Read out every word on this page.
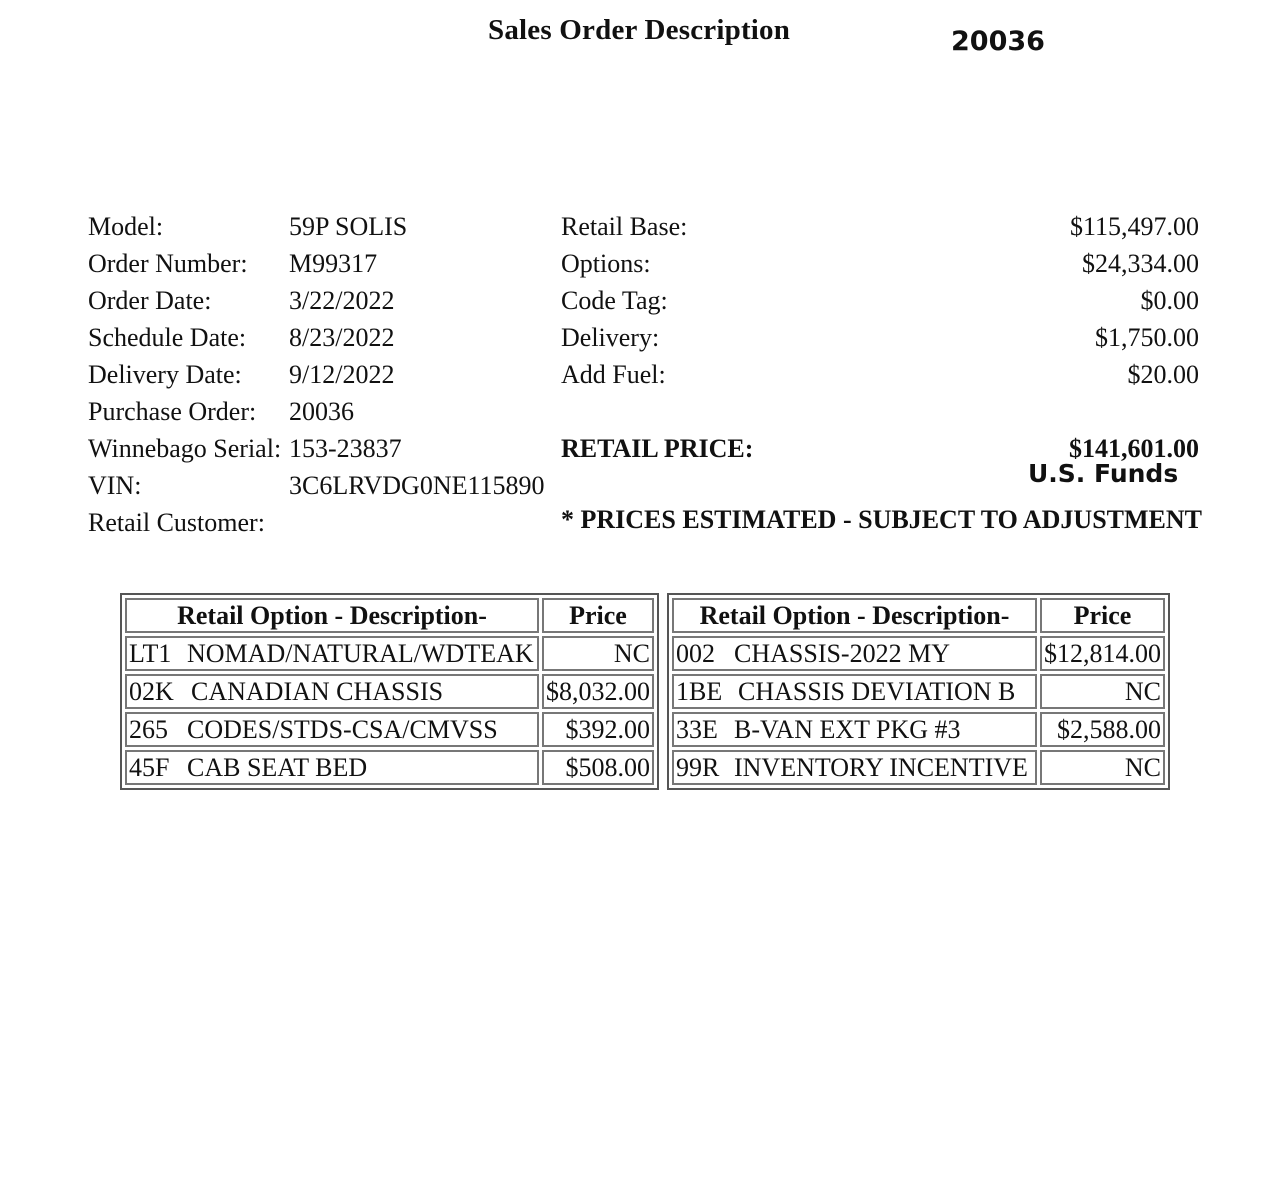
Sales Order Description	20036
Model:	59P SOLIS
Order Number: M99317
Order Date:	3/22/2022
Schedule Date: 8/23/2022
Delivery Date: 9/12/2022
Purchase Order: 20036
Winnebago Serial: 153-23837
VIN:	3C6LRVDG0NE115890
Retail Customer:
Retail Base:	$115,497.00
Options:	$24,334.00
Code Tag:	$0.00
Delivery:	$1,750.00
Add Fuel:	$20.00
RETAIL PRICE:	$141,601.00
U.S. Funds
* PRICES ESTIMATED - SUBJECT TO ADJUSTMENT
Retail Option - Description-	Price
LT1 NOMAD/NATURAL/WDTEAK	NC
02K CANADIAN CHASSIS	$8,032.00
265 CODES/STDS-CSA/CMVSS	$392.00
45F CAB SEAT BED	$508.00
Retail Option - Description-	Price
002 CHASSIS-2022 MY	$12,814.00
1BE CHASSIS DEVIATION B	NC
33E B-VAN EXT PKG #3	$2,588.00
99R INVENTORY INCENTIVE	NC
